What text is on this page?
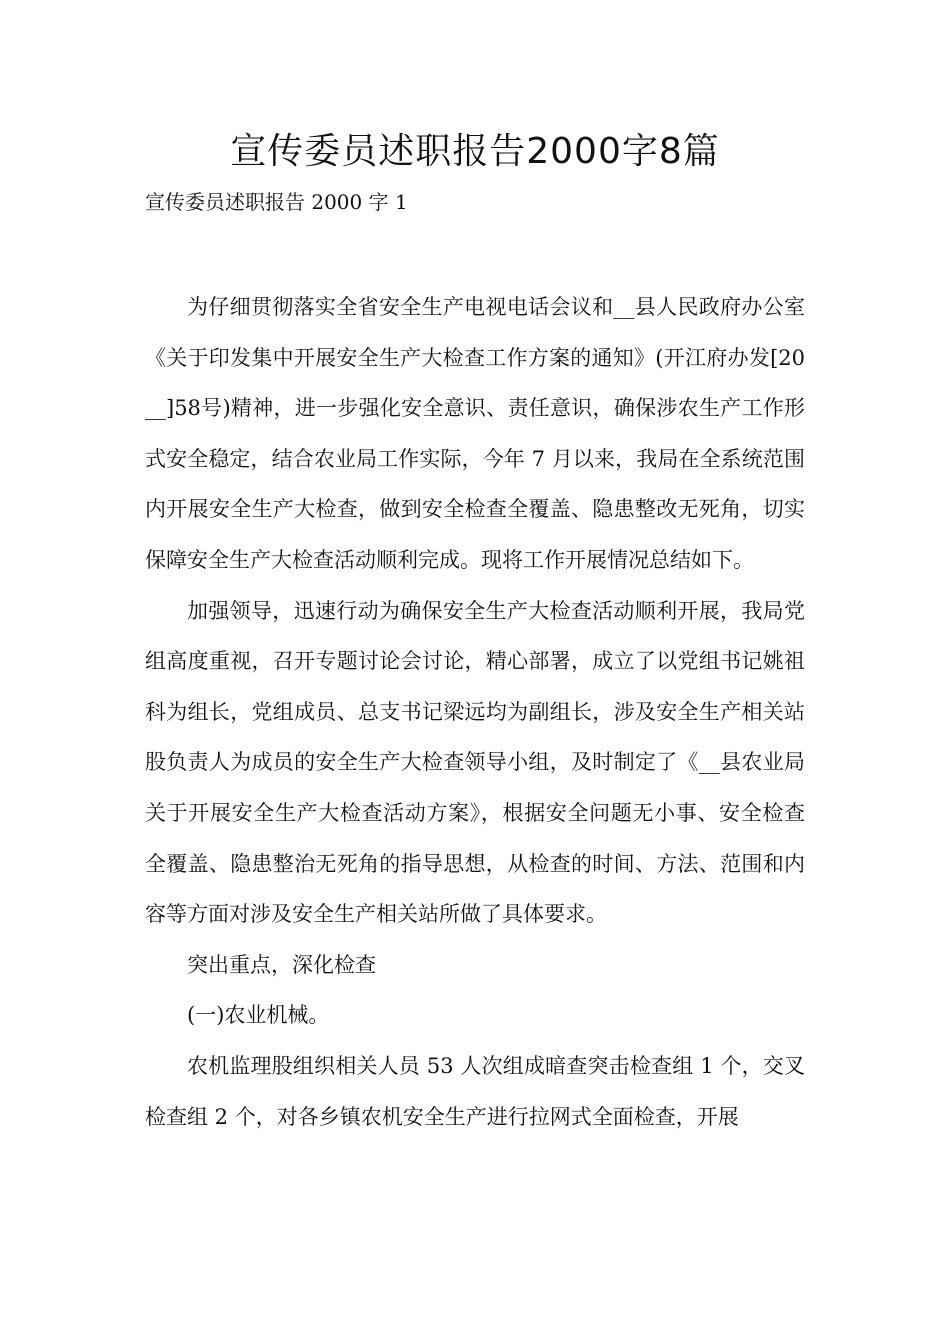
宣传委员述职报告2000字8篇

宣传委员述职报告 2000 字 1

为仔细贯彻落实全省安全生产电视电话会议和__县人民政府办公室《关于印发集中开展安全生产大检查工作方案的通知》(开江府办发[20__]58号)精神，进一步强化安全意识、责任意识，确保涉农生产工作形式安全稳定，结合农业局工作实际，今年 7 月以来，我局在全系统范围内开展安全生产大检查，做到安全检查全覆盖、隐患整改无死角，切实保障安全生产大检查活动顺利完成。现将工作开展情况总结如下。

加强领导，迅速行动为确保安全生产大检查活动顺利开展，我局党组高度重视，召开专题讨论会讨论，精心部署，成立了以党组书记姚祖科为组长，党组成员、总支书记梁远均为副组长，涉及安全生产相关站股负责人为成员的安全生产大检查领导小组，及时制定了《__县农业局关于开展安全生产大检查活动方案》，根据安全问题无小事、安全检查全覆盖、隐患整治无死角的指导思想，从检查的时间、方法、范围和内容等方面对涉及安全生产相关站所做了具体要求。

突出重点，深化检查

(一)农业机械。

农机监理股组织相关人员 53 人次组成暗查突击检查组 1 个，交叉检查组 2 个，对各乡镇农机安全生产进行拉网式全面检查，开展
